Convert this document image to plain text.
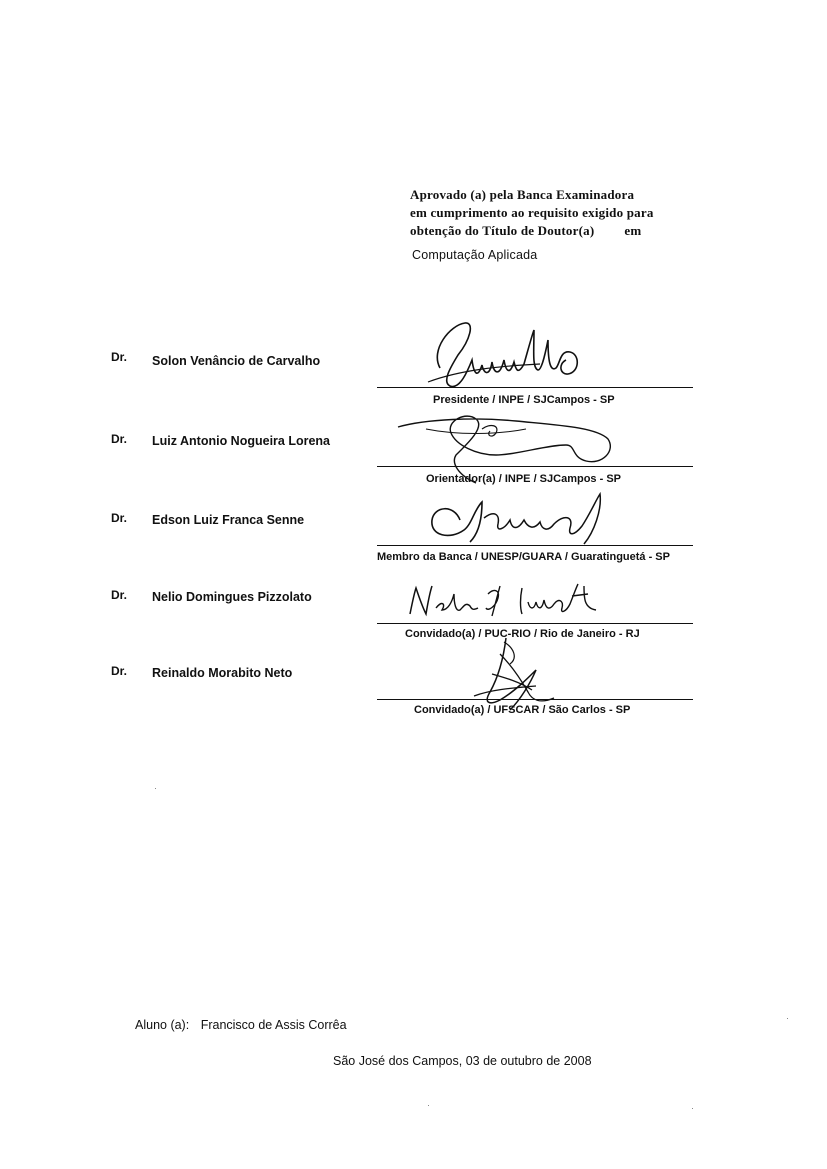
Aprovado (a) pela Banca Examinadora
em cumprimento ao requisito exigido para
obtenção do Título de Doutor(a) em
Computação Aplicada
Dr. Solon Venâncio de Carvalho
Presidente / INPE / SJCampos - SP
Dr. Luiz Antonio Nogueira Lorena
Orientador(a) / INPE / SJCampos - SP
Dr. Edson Luiz Franca Senne
Membro da Banca / UNESP/GUARA / Guaratinguetá - SP
Dr. Nelio Domingues Pizzolato
Convidado(a) / PUC-RIO / Rio de Janeiro - RJ
Dr. Reinaldo Morabito Neto
Convidado(a) / UFSCAR / São Carlos - SP
Aluno (a): Francisco de Assis Corrêa
São José dos Campos, 03 de outubro de 2008
